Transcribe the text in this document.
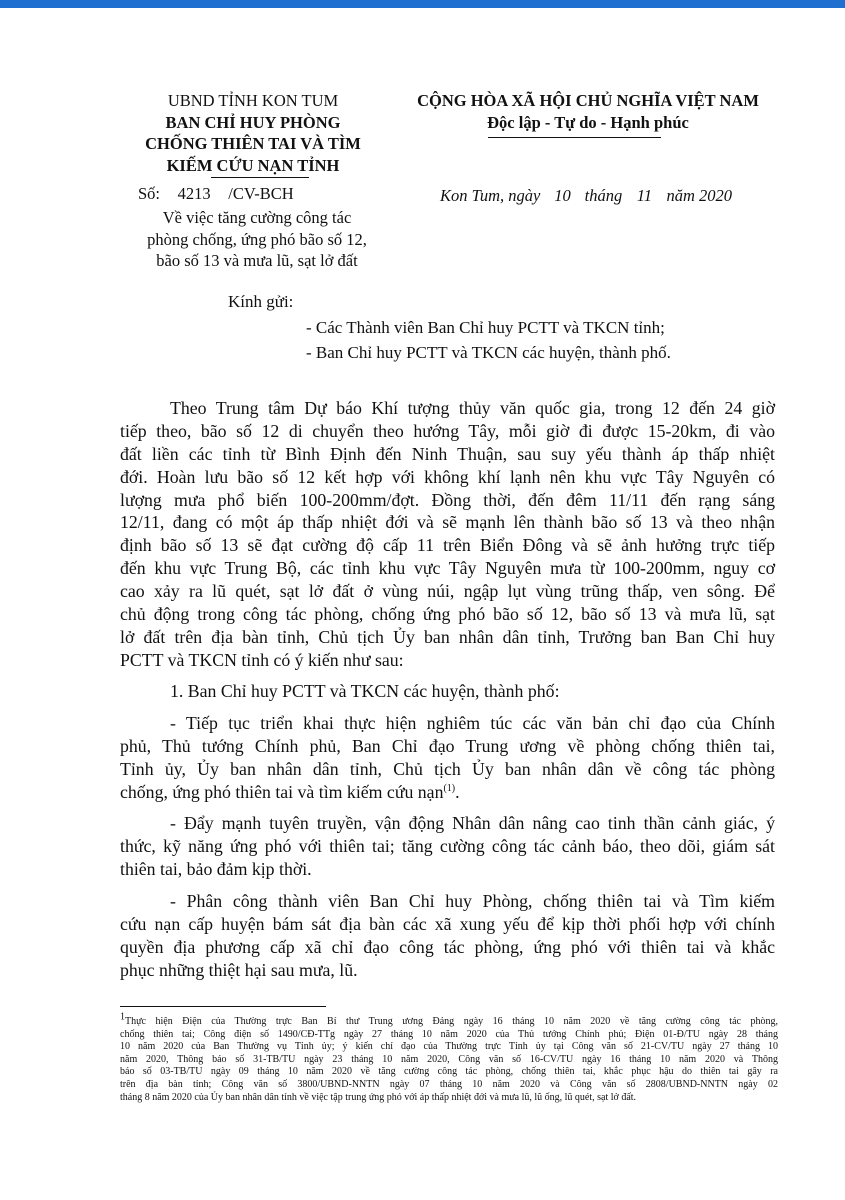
UBND TỈNH KON TUM
BAN CHỈ HUY PHÒNG
CHỐNG THIÊN TAI VÀ TÌM
KIẾM CỨU NẠN TỈNH
CỘNG HÒA XÃ HỘI CHỦ NGHĨA VIỆT NAM
Độc lập - Tự do - Hạnh phúc
Số: 4213 /CV-BCH	Kon Tum, ngày 10 tháng 11 năm 2020
Về việc tăng cường công tác
phòng chống, ứng phó bão số 12,
bão số 13 và mưa lũ, sạt lở đất
Kính gửi:
- Các Thành viên Ban Chỉ huy PCTT và TKCN tỉnh;
- Ban Chỉ huy PCTT và TKCN các huyện, thành phố.
Theo Trung tâm Dự báo Khí tượng thủy văn quốc gia, trong 12 đến 24 giờ
tiếp theo, bão số 12 di chuyển theo hướng Tây, mỗi giờ đi được 15-20km, đi vào
đất liền các tỉnh từ Bình Định đến Ninh Thuận, sau suy yếu thành áp thấp nhiệt
đới. Hoàn lưu bão số 12 kết hợp với không khí lạnh nên khu vực Tây Nguyên có
lượng mưa phổ biến 100-200mm/đợt. Đồng thời, đến đêm 11/11 đến rạng sáng
12/11, đang có một áp thấp nhiệt đới và sẽ mạnh lên thành bão số 13 và theo nhận
định bão số 13 sẽ đạt cường độ cấp 11 trên Biển Đông và sẽ ảnh hưởng trực tiếp
đến khu vực Trung Bộ, các tỉnh khu vực Tây Nguyên mưa từ 100-200mm, nguy cơ
cao xảy ra lũ quét, sạt lở đất ở vùng núi, ngập lụt vùng trũng thấp, ven sông. Để
chủ động trong công tác phòng, chống ứng phó bão số 12, bão số 13 và mưa lũ, sạt
lở đất trên địa bàn tỉnh, Chủ tịch Ủy ban nhân dân tỉnh, Trưởng ban Ban Chỉ huy
PCTT và TKCN tỉnh có ý kiến như sau:
1. Ban Chỉ huy PCTT và TKCN các huyện, thành phố:
- Tiếp tục triển khai thực hiện nghiêm túc các văn bản chỉ đạo của Chính
phủ, Thủ tướng Chính phủ, Ban Chỉ đạo Trung ương về phòng chống thiên tai,
Tỉnh ủy, Ủy ban nhân dân tỉnh, Chủ tịch Ủy ban nhân dân về công tác phòng
chống, ứng phó thiên tai và tìm kiếm cứu nạn$^{(1)}$.
- Đẩy mạnh tuyên truyền, vận động Nhân dân nâng cao tinh thần cảnh giác, ý
thức, kỹ năng ứng phó với thiên tai; tăng cường công tác cảnh báo, theo dõi, giám sát
thiên tai, bảo đảm kịp thời.
- Phân công thành viên Ban Chỉ huy Phòng, chống thiên tai và Tìm kiếm
cứu nạn cấp huyện bám sát địa bàn các xã xung yếu để kịp thời phối hợp với chính
quyền địa phương cấp xã chỉ đạo công tác phòng, ứng phó với thiên tai và khắc
phục những thiệt hại sau mưa, lũ.
$^1$Thực hiện Điện của Thường trực Ban Bí thư Trung ương Đảng ngày 16 tháng 10 năm 2020 về tăng cường công tác phòng,
chống thiên tai; Công điện số 1490/CĐ-TTg ngày 27 tháng 10 năm 2020 của Thủ tướng Chính phủ; Điện 01-Đ/TU ngày 28 tháng
10 năm 2020 của Ban Thường vụ Tỉnh ủy; ý kiến chỉ đạo của Thường trực Tỉnh ủy tại Công văn số 21-CV/TU ngày 27 tháng 10
năm 2020, Thông báo số 31-TB/TU ngày 23 tháng 10 năm 2020, Công văn số 16-CV/TU ngày 16 tháng 10 năm 2020 và Thông
báo số 03-TB/TU ngày 09 tháng 10 năm 2020 về tăng cường công tác phòng, chống thiên tai, khắc phục hậu do thiên tai gây ra
trên địa bàn tỉnh; Công văn số 3800/UBND-NNTN ngày 07 tháng 10 năm 2020 và Công văn số 2808/UBND-NNTN ngày 02
tháng 8 năm 2020 của Ủy ban nhân dân tỉnh về việc tập trung ứng phó với áp thấp nhiệt đới và mưa lũ, lũ ống, lũ quét, sạt lở đất.
